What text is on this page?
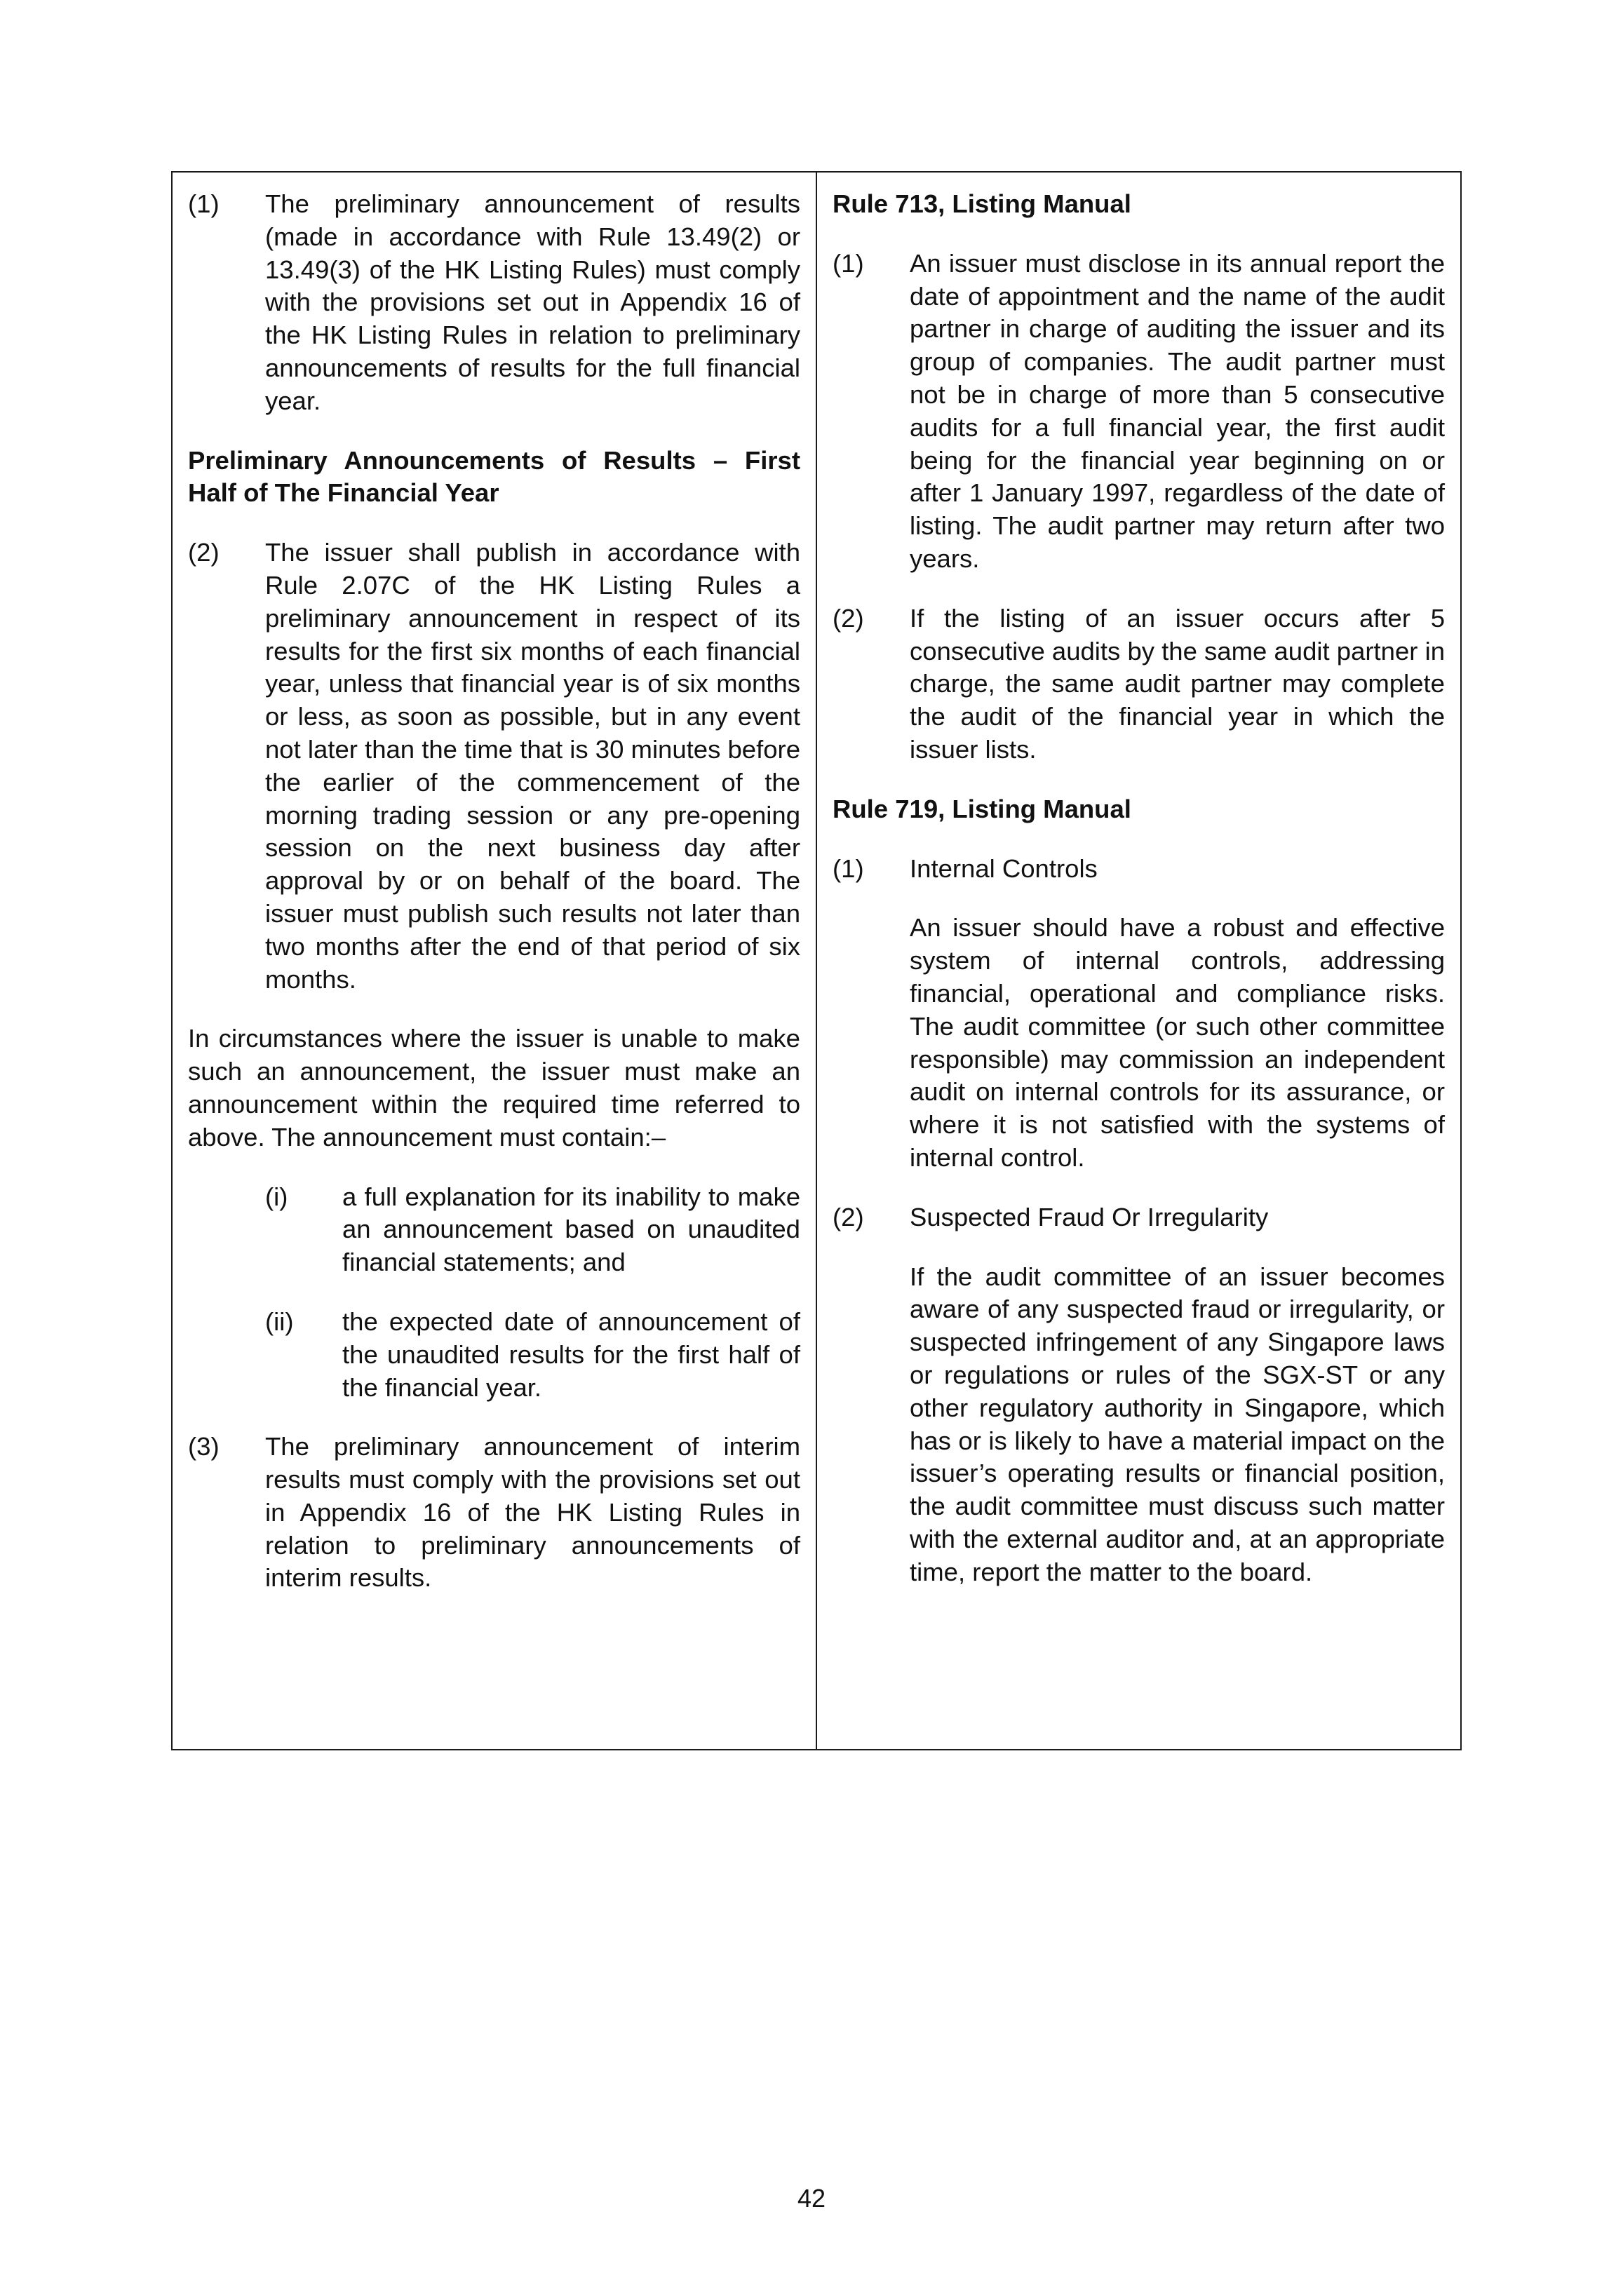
(1)	The preliminary announcement of results (made in accordance with Rule 13.49(2) or 13.49(3) of the HK Listing Rules) must comply with the provisions set out in Appendix 16 of the HK Listing Rules in relation to preliminary announcements of results for the full financial year.
Preliminary Announcements of Results – First Half of The Financial Year
(2)	The issuer shall publish in accordance with Rule 2.07C of the HK Listing Rules a preliminary announcement in respect of its results for the first six months of each financial year, unless that financial year is of six months or less, as soon as possible, but in any event not later than the time that is 30 minutes before the earlier of the commencement of the morning trading session or any pre-opening session on the next business day after approval by or on behalf of the board. The issuer must publish such results not later than two months after the end of that period of six months.
In circumstances where the issuer is unable to make such an announcement, the issuer must make an announcement within the required time referred to above. The announcement must contain:–
(i)	a full explanation for its inability to make an announcement based on unaudited financial statements; and
(ii)	the expected date of announcement of the unaudited results for the first half of the financial year.
(3)	The preliminary announcement of interim results must comply with the provisions set out in Appendix 16 of the HK Listing Rules in relation to preliminary announcements of interim results.
Rule 713, Listing Manual
(1)	An issuer must disclose in its annual report the date of appointment and the name of the audit partner in charge of auditing the issuer and its group of companies. The audit partner must not be in charge of more than 5 consecutive audits for a full financial year, the first audit being for the financial year beginning on or after 1 January 1997, regardless of the date of listing. The audit partner may return after two years.
(2)	If the listing of an issuer occurs after 5 consecutive audits by the same audit partner in charge, the same audit partner may complete the audit of the financial year in which the issuer lists.
Rule 719, Listing Manual
(1)	Internal Controls
An issuer should have a robust and effective system of internal controls, addressing financial, operational and compliance risks. The audit committee (or such other committee responsible) may commission an independent audit on internal controls for its assurance, or where it is not satisfied with the systems of internal control.
(2)	Suspected Fraud Or Irregularity
If the audit committee of an issuer becomes aware of any suspected fraud or irregularity, or suspected infringement of any Singapore laws or regulations or rules of the SGX-ST or any other regulatory authority in Singapore, which has or is likely to have a material impact on the issuer’s operating results or financial position, the audit committee must discuss such matter with the external auditor and, at an appropriate time, report the matter to the board.
42
